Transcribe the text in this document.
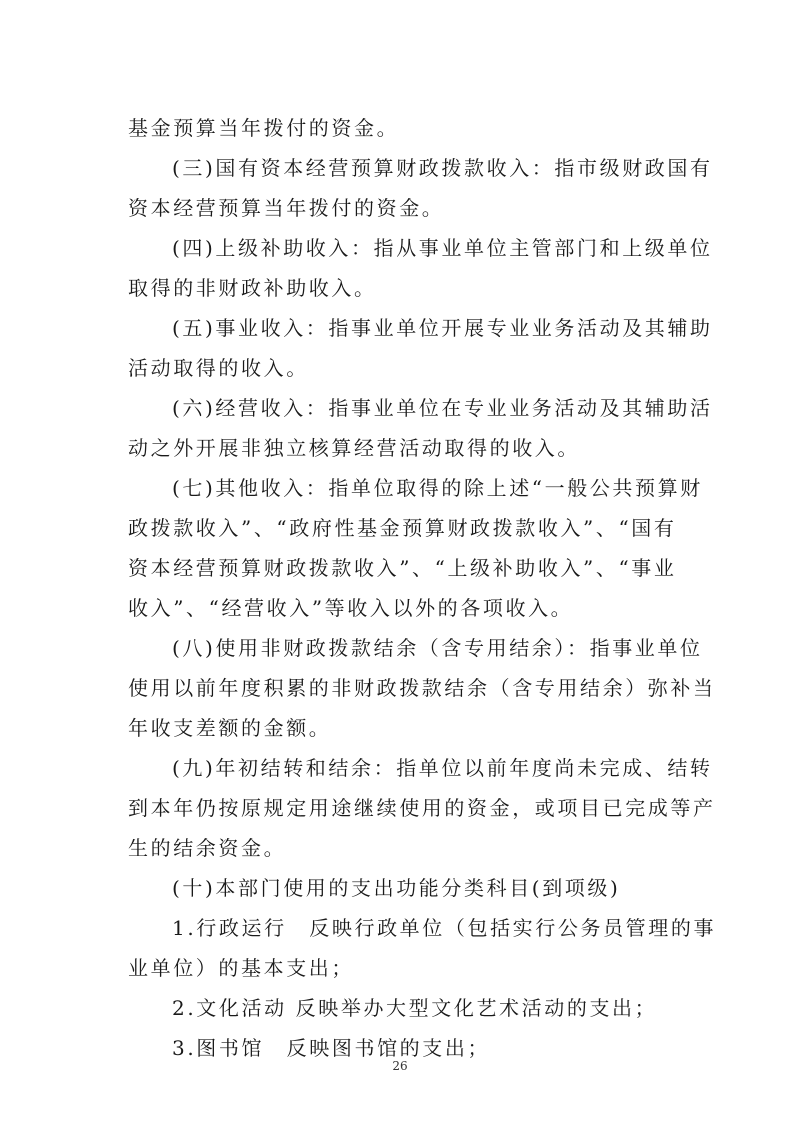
基金预算当年拨付的资金。
(三)国有资本经营预算财政拨款收入：指市级财政国有
资本经营预算当年拨付的资金。
(四)上级补助收入：指从事业单位主管部门和上级单位
取得的非财政补助收入。
(五)事业收入：指事业单位开展专业业务活动及其辅助
活动取得的收入。
(六)经营收入：指事业单位在专业业务活动及其辅助活
动之外开展非独立核算经营活动取得的收入。
(七)其他收入：指单位取得的除上述“一般公共预算财
政拨款收入”、“政府性基金预算财政拨款收入”、“国有
资本经营预算财政拨款收入”、“上级补助收入”、“事业
收入”、“经营收入”等收入以外的各项收入。
(八)使用非财政拨款结余（含专用结余）：指事业单位
使用以前年度积累的非财政拨款结余（含专用结余）弥补当
年收支差额的金额。
(九)年初结转和结余：指单位以前年度尚未完成、结转
到本年仍按原规定用途继续使用的资金，或项目已完成等产
生的结余资金。
(十)本部门使用的支出功能分类科目(到项级)
1.行政运行　反映行政单位（包括实行公务员管理的事
业单位）的基本支出；
2.文化活动 反映举办大型文化艺术活动的支出；
3.图书馆　反映图书馆的支出；
26
